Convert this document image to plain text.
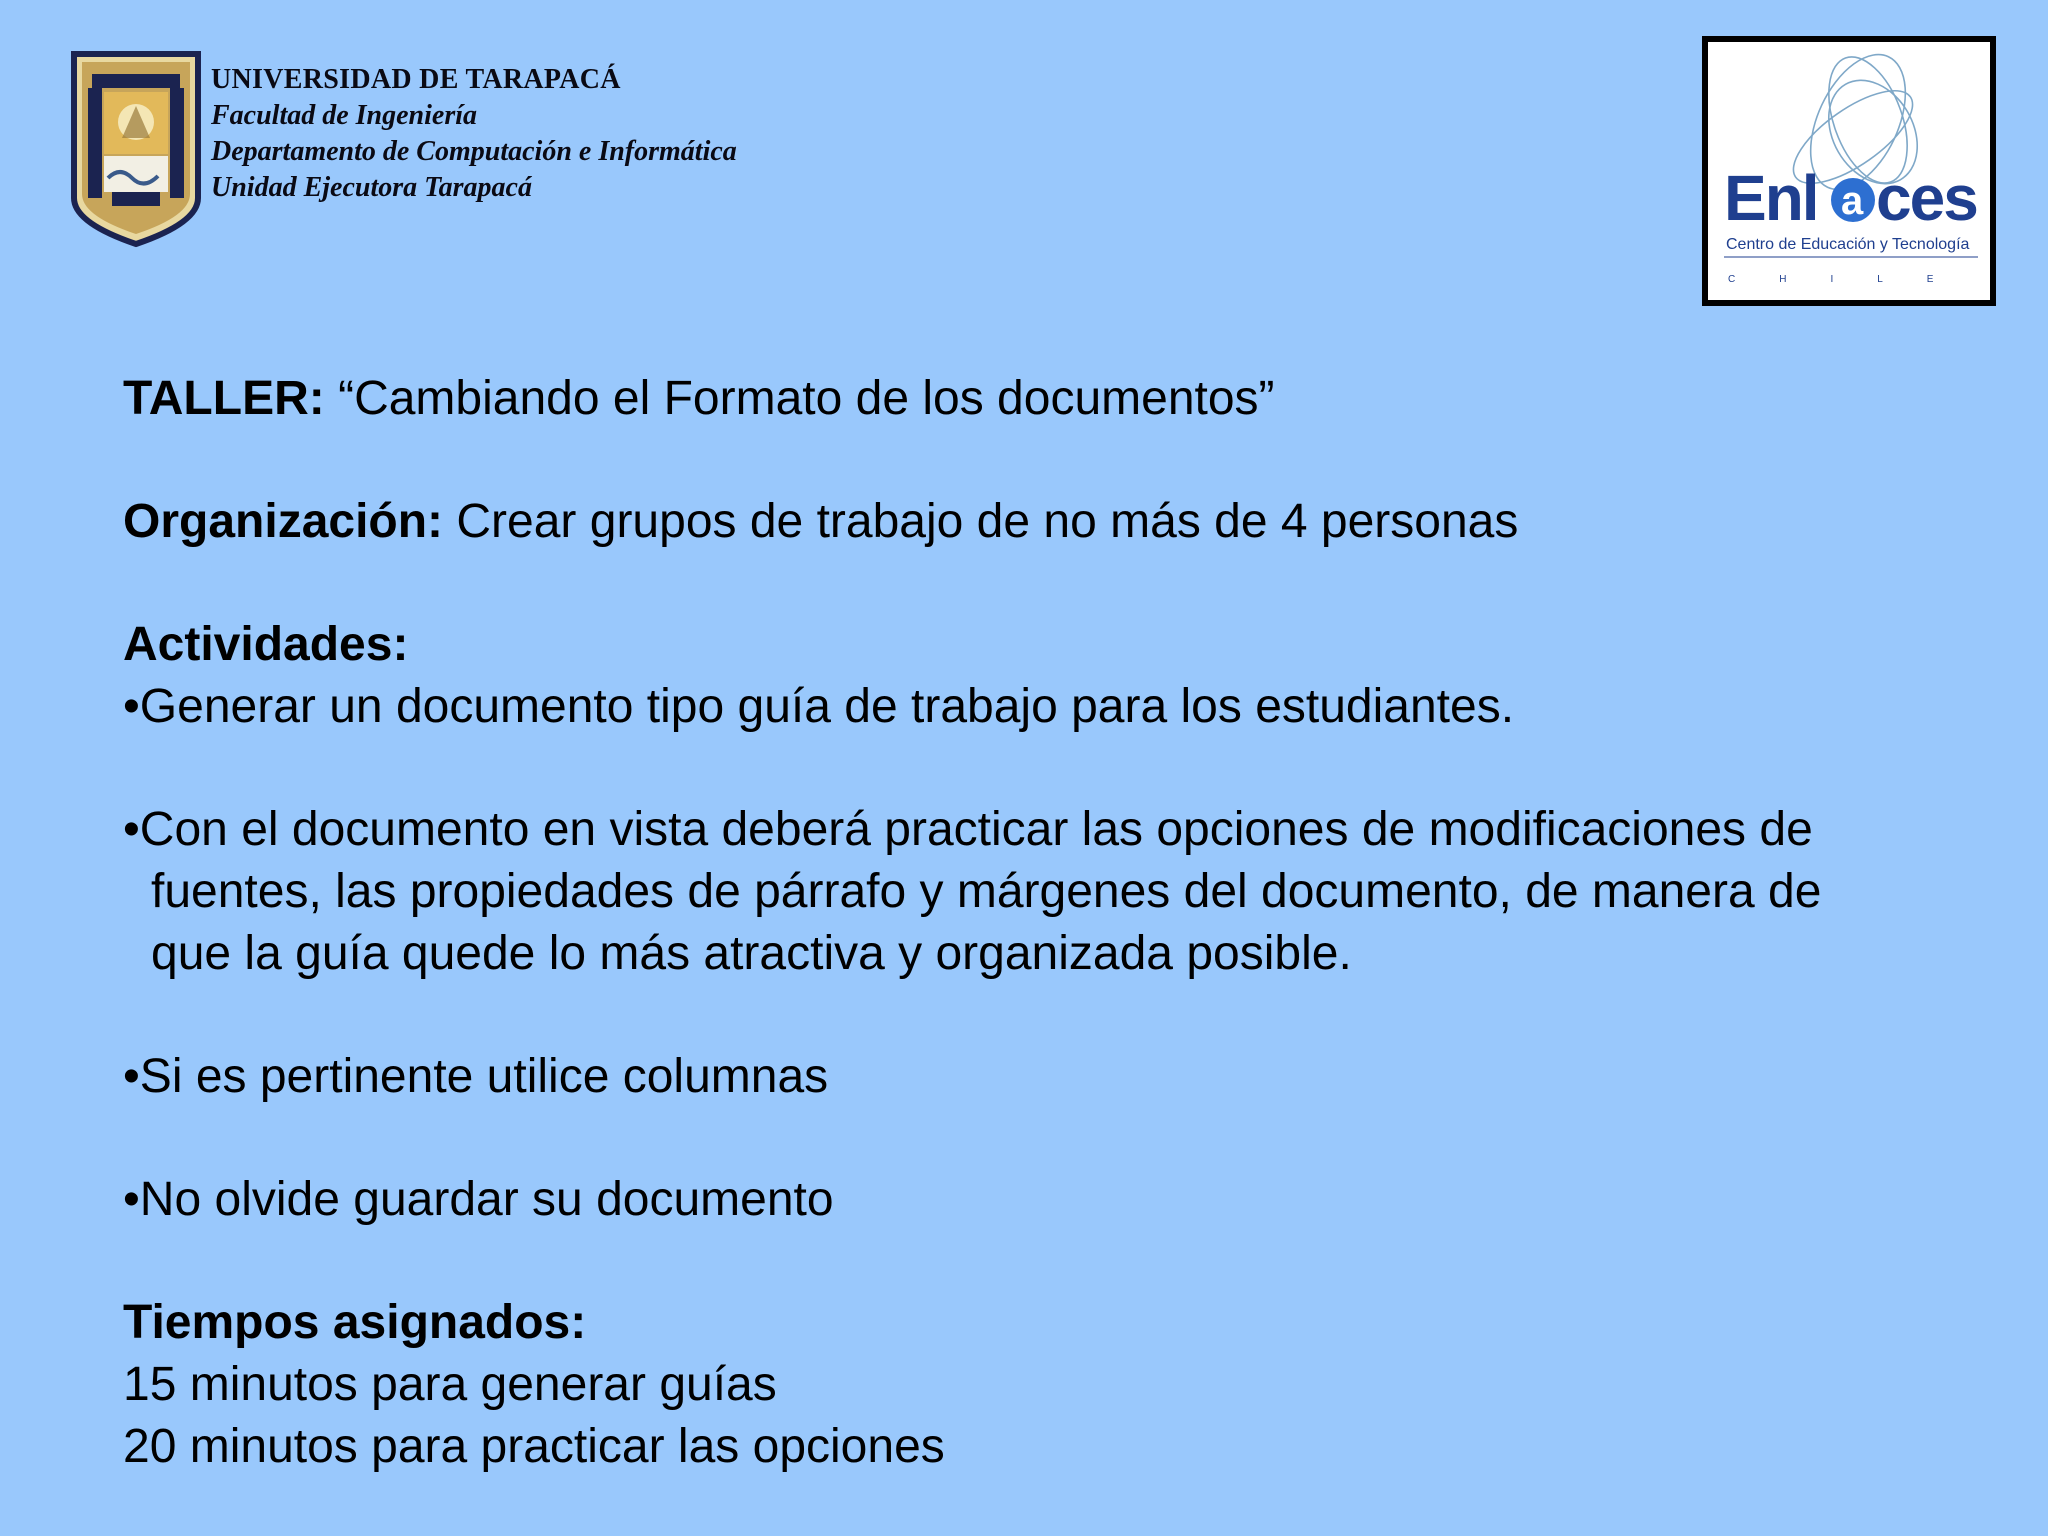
UNIVERSIDAD DE TARAPACÁ
Facultad de Ingeniería
Departamento de Computación e Informática
Unidad Ejecutora Tarapacá	Enl a ces
Centro de Educación y Tecnología
CHILE
TALLER: “Cambiando el Formato de los documentos”
Organización: Crear grupos de trabajo de no más de 4 personas
Actividades:
•Generar un documento tipo guía de trabajo para los estudiantes.
•Con el documento en vista deberá practicar las opciones de modificaciones de
fuentes, las propiedades de párrafo y márgenes del documento, de manera de
que la guía quede lo más atractiva y organizada posible.
•Si es pertinente utilice columnas
•No olvide guardar su documento
Tiempos asignados:
15 minutos para generar guías
20 minutos para practicar las opciones
